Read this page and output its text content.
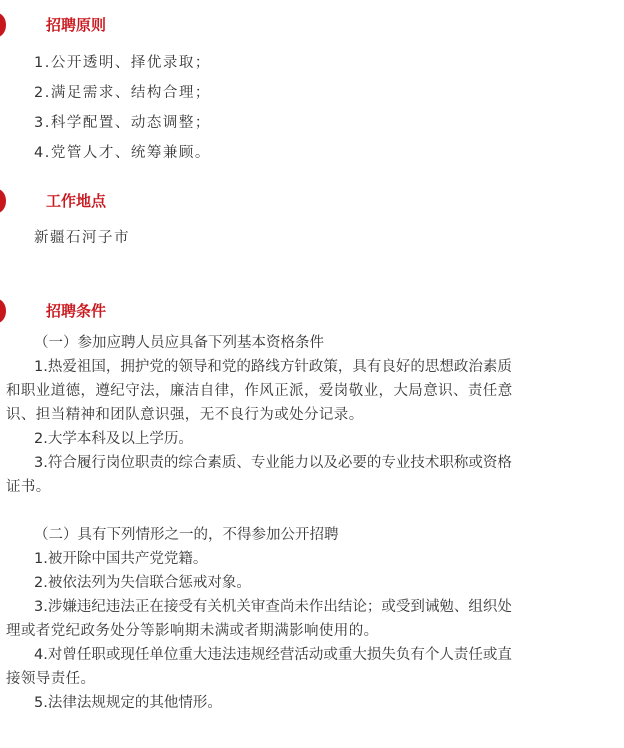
招聘原则
1.公开透明、择优录取；
2.满足需求、结构合理；
3.科学配置、动态调整；
4.党管人才、统筹兼顾。
工作地点
新疆石河子市
招聘条件
（一）参加应聘人员应具备下列基本资格条件
1.热爱祖国，拥护党的领导和党的路线方针政策，具有良好的思想政治素质
和职业道德，遵纪守法，廉洁自律，作风正派，爱岗敬业，大局意识、责任意
识、担当精神和团队意识强，无不良行为或处分记录。
2.大学本科及以上学历。
3.符合履行岗位职责的综合素质、专业能力以及必要的专业技术职称或资格
证书。
（二）具有下列情形之一的，不得参加公开招聘
1.被开除中国共产党党籍。
2.被依法列为失信联合惩戒对象。
3.涉嫌违纪违法正在接受有关机关审查尚未作出结论；或受到诫勉、组织处
理或者党纪政务处分等影响期未满或者期满影响使用的。
4.对曾任职或现任单位重大违法违规经营活动或重大损失负有个人责任或直
接领导责任。
5.法律法规规定的其他情形。
